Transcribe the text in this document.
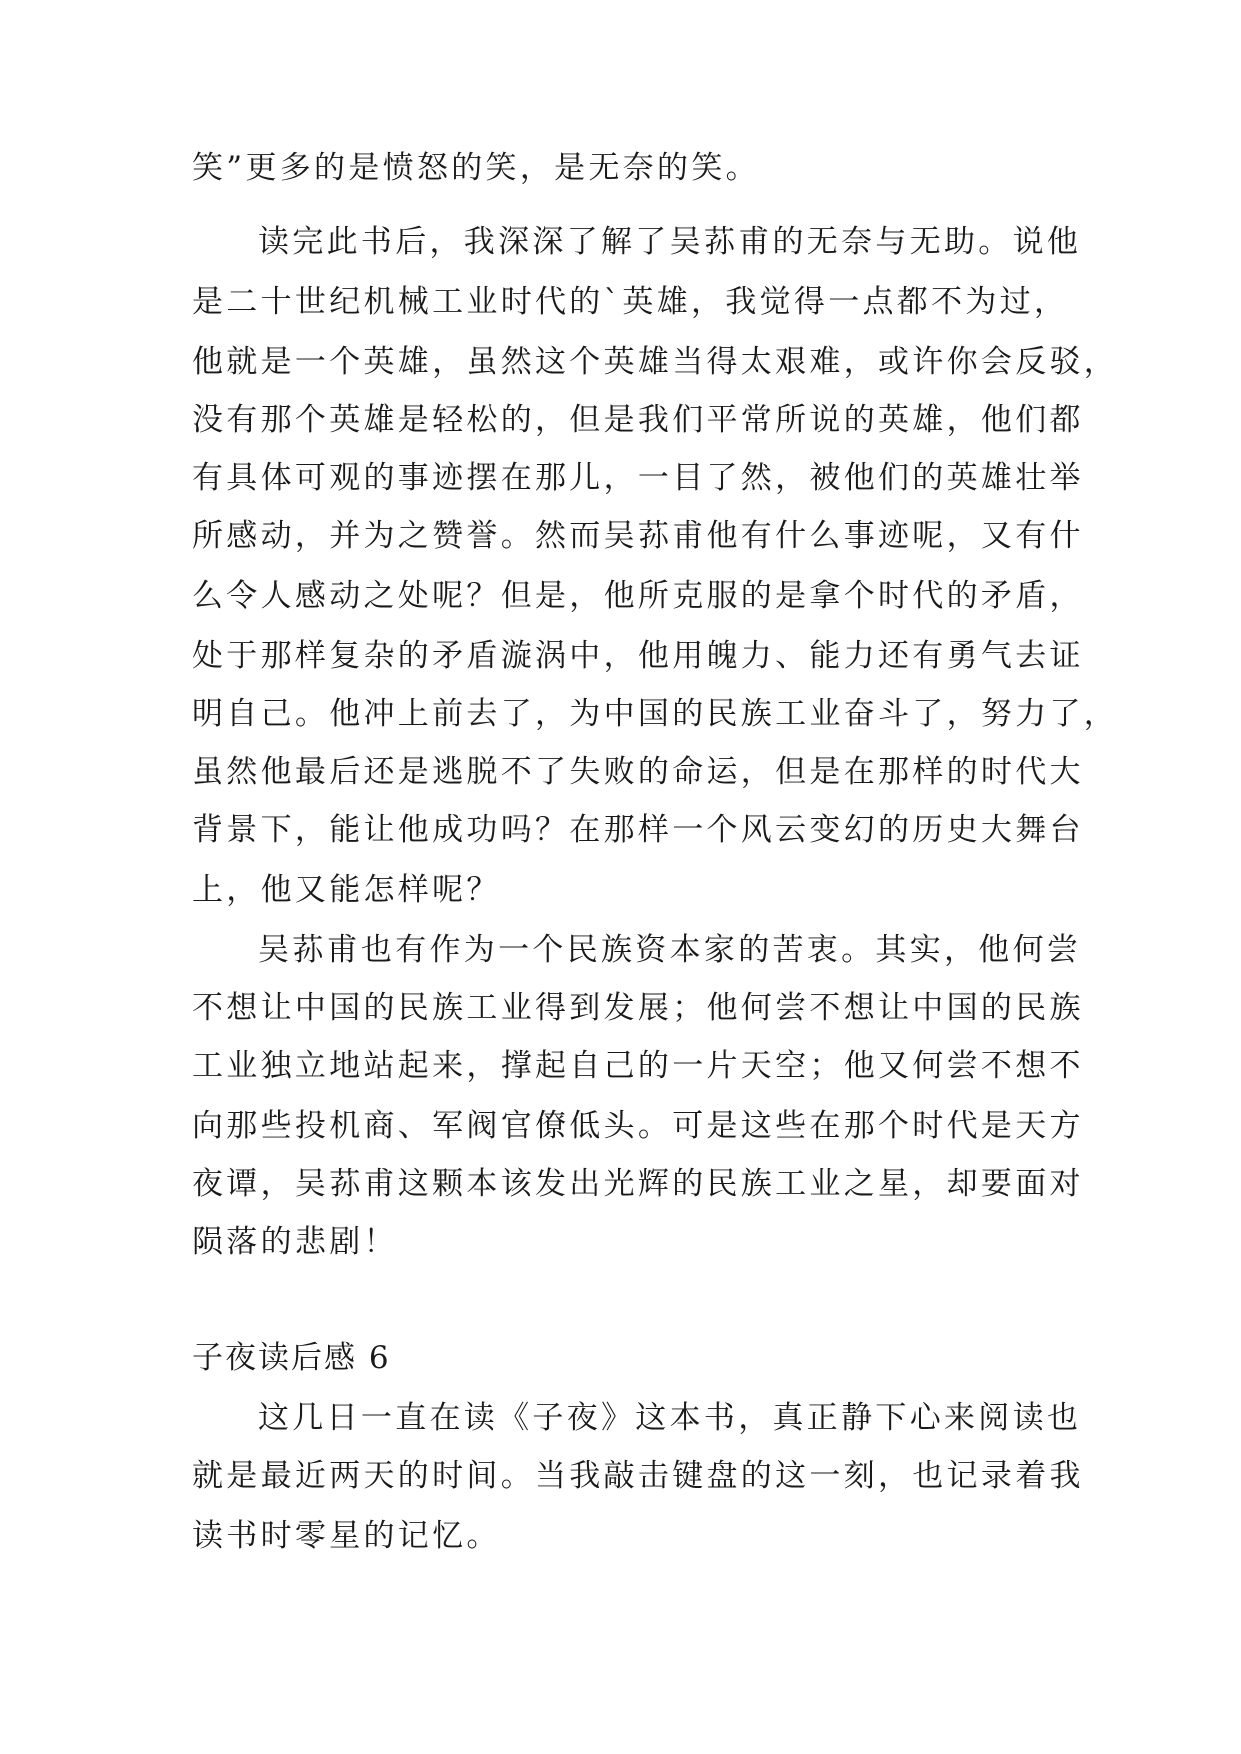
笑”更多的是愤怒的笑，是无奈的笑。
读完此书后，我深深了解了吴荪甫的无奈与无助。说他
是二十世纪机械工业时代的`英雄，我觉得一点都不为过，
他就是一个英雄，虽然这个英雄当得太艰难，或许你会反驳，
没有那个英雄是轻松的，但是我们平常所说的英雄，他们都
有具体可观的事迹摆在那儿，一目了然，被他们的英雄壮举
所感动，并为之赞誉。然而吴荪甫他有什么事迹呢，又有什
么令人感动之处呢？但是，他所克服的是拿个时代的矛盾，
处于那样复杂的矛盾漩涡中，他用魄力、能力还有勇气去证
明自己。他冲上前去了，为中国的民族工业奋斗了，努力了，
虽然他最后还是逃脱不了失败的命运，但是在那样的时代大
背景下，能让他成功吗？在那样一个风云变幻的历史大舞台
上，他又能怎样呢？
吴荪甫也有作为一个民族资本家的苦衷。其实，他何尝
不想让中国的民族工业得到发展；他何尝不想让中国的民族
工业独立地站起来，撑起自己的一片天空；他又何尝不想不
向那些投机商、军阀官僚低头。可是这些在那个时代是天方
夜谭，吴荪甫这颗本该发出光辉的民族工业之星，却要面对
陨落的悲剧！
子夜读后感 6
这几日一直在读《子夜》这本书，真正静下心来阅读也
就是最近两天的时间。当我敲击键盘的这一刻，也记录着我
读书时零星的记忆。
